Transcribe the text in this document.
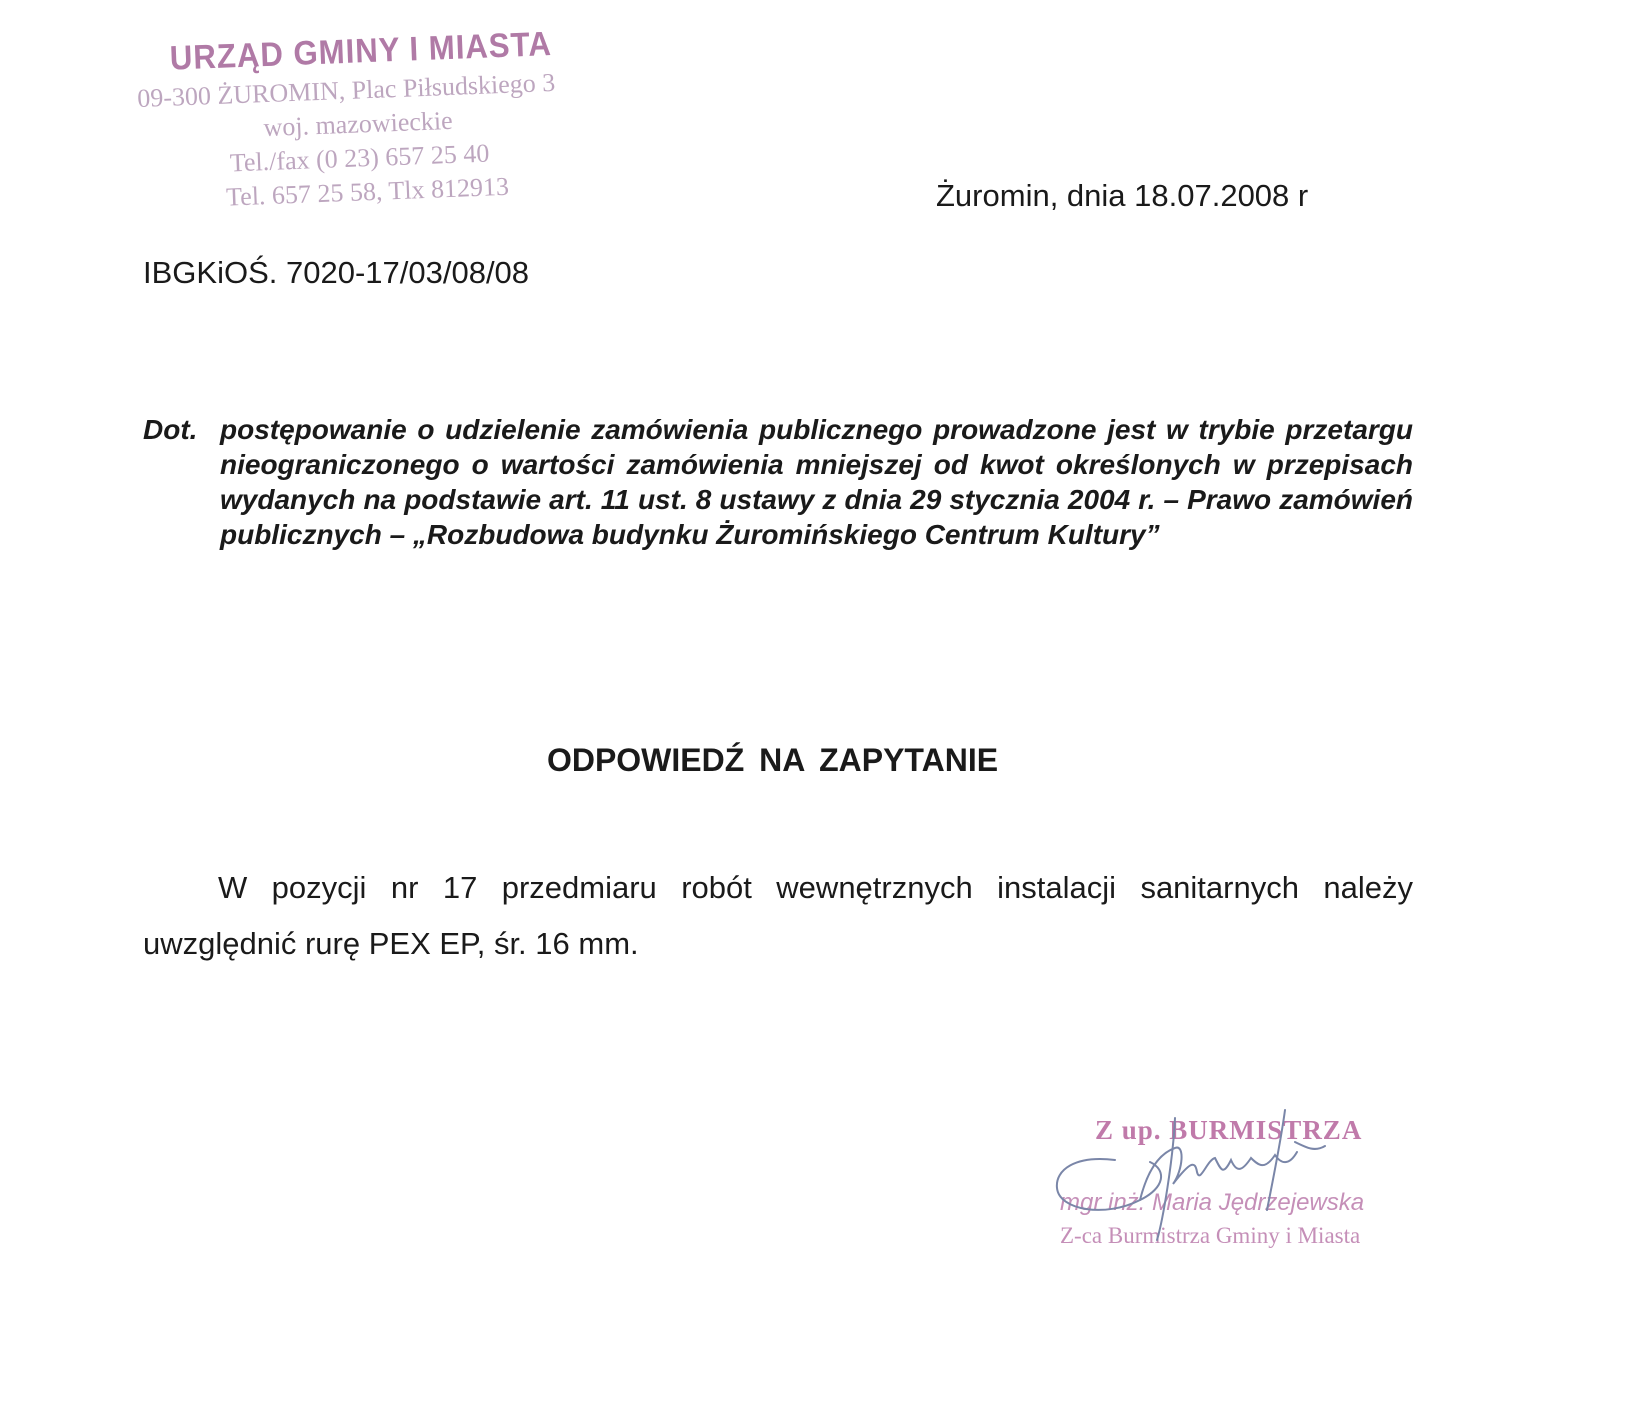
URZĄD GMINY I MIASTA
09-300 ŻUROMIN, Plac Piłsudskiego 3
woj. mazowieckie
Tel./fax (0 23) 657 25 40
Tel. 657 25 58, Tlx 812913	Żuromin, dnia 18.07.2008 r
IBGKiOŚ. 7020-17/03/08/08
Dot. postępowanie o udzielenie zamówienia publicznego prowadzone jest w trybie przetargu nieograniczonego o wartości zamówienia mniejszej od kwot określonych w przepisach wydanych na podstawie art. 11 ust. 8 ustawy z dnia 29 stycznia 2004 r. – Prawo zamówień publicznych – „Rozbudowa budynku Żuromińskiego Centrum Kultury”
ODPOWIEDŹ NA ZAPYTANIE
W pozycji nr 17 przedmiaru robót wewnętrznych instalacji sanitarnych należy uwzględnić rurę PEX EP, śr. 16 mm.
Z up. BURMISTRZA
mgr inż. Maria Jędrzejewska
Z-ca Burmistrza Gminy i Miasta
